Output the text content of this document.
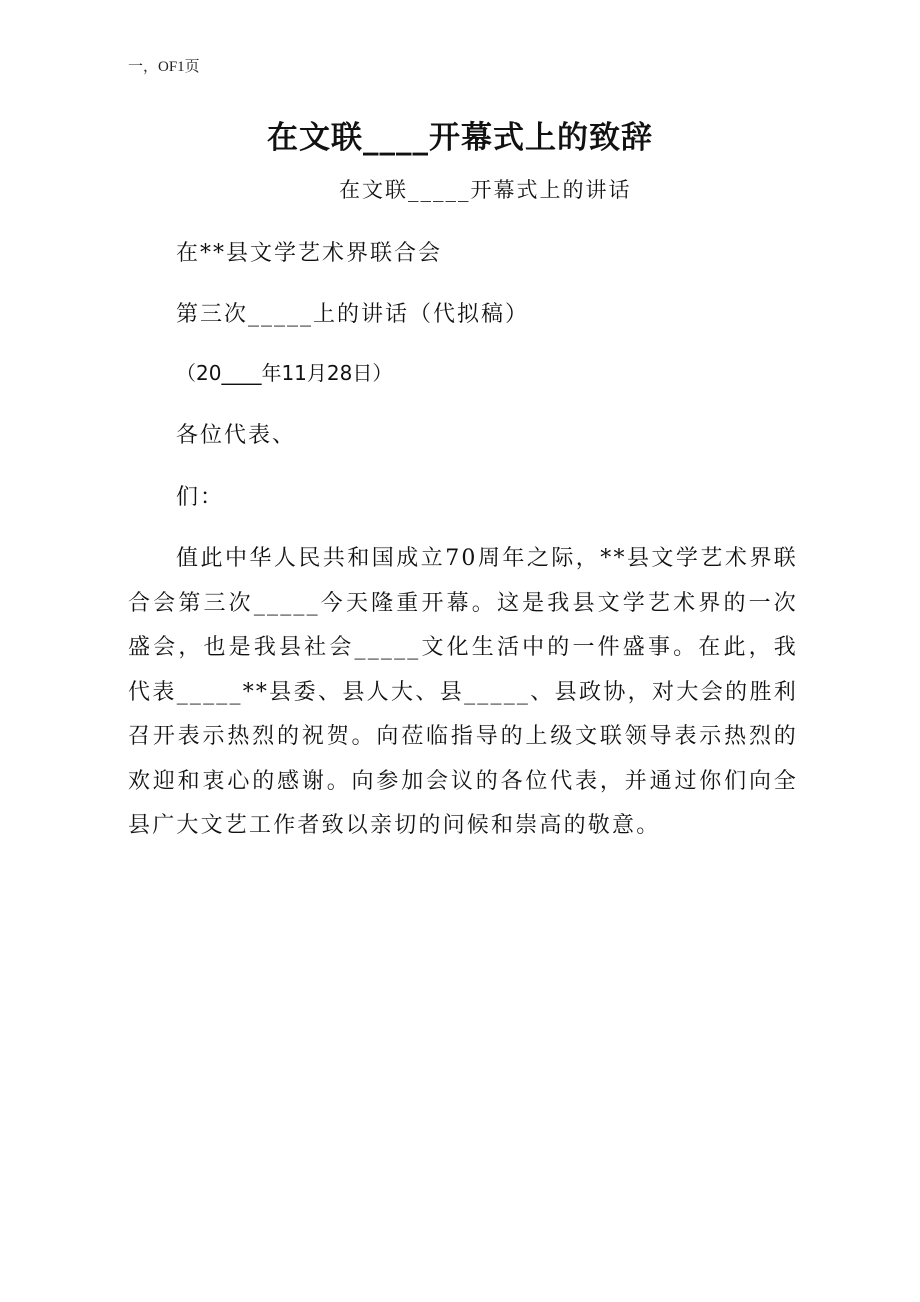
一，OF1页
在文联____开幕式上的致辞
在文联_____开幕式上的讲话
在**县文学艺术界联合会
第三次_____上的讲话（代拟稿）
（20____年11月28日）
各位代表、
们：

值此中华人民共和国成立70周年之际，**县文学艺术界联合会第三次_____今天隆重开幕。这是我县文学艺术界的一次盛会，也是我县社会_____文化生活中的一件盛事。在此，我代表_____**县委、县人大、县_____、县政协，对大会的胜利召开表示热烈的祝贺。向莅临指导的上级文联领导表示热烈的欢迎和衷心的感谢。向参加会议的各位代表，并通过你们向全县广大文艺工作者致以亲切的问候和崇高的敬意。
